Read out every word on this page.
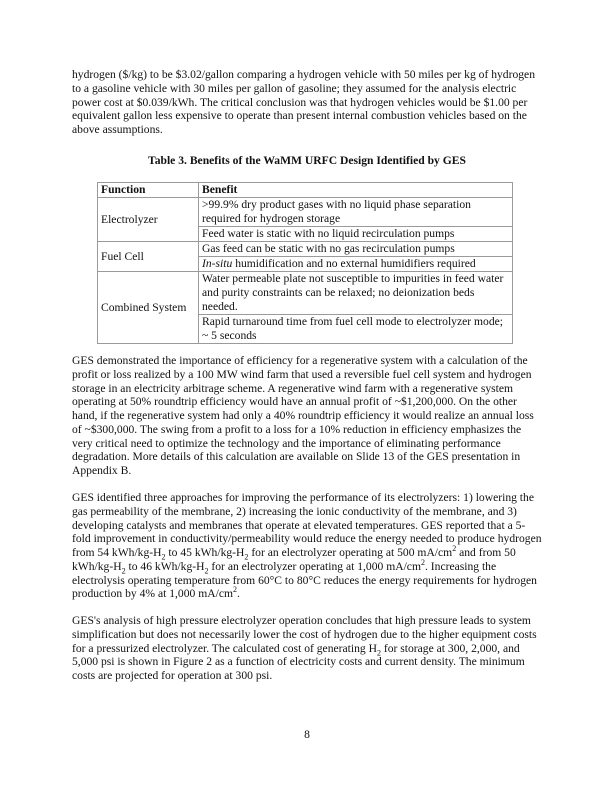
hydrogen ($/kg) to be $3.02/gallon comparing a hydrogen vehicle with 50 miles per kg of hydrogen to a gasoline vehicle with 30 miles per gallon of gasoline; they assumed for the analysis electric power cost at $0.039/kWh. The critical conclusion was that hydrogen vehicles would be $1.00 per equivalent gallon less expensive to operate than present internal combustion vehicles based on the above assumptions.

Table 3. Benefits of the WaMM URFC Design Identified by GES
Function	Benefit
Electrolyzer	>99.9% dry product gases with no liquid phase separation required for hydrogen storage
	Feed water is static with no liquid recirculation pumps
Fuel Cell	Gas feed can be static with no gas recirculation pumps
	In-situ humidification and no external humidifiers required
Combined System	Water permeable plate not susceptible to impurities in feed water and purity constraints can be relaxed; no deionization beds needed.
	Rapid turnaround time from fuel cell mode to electrolyzer mode; ~ 5 seconds

GES demonstrated the importance of efficiency for a regenerative system with a calculation of the profit or loss realized by a 100 MW wind farm that used a reversible fuel cell system and hydrogen storage in an electricity arbitrage scheme. A regenerative wind farm with a regenerative system operating at 50% roundtrip efficiency would have an annual profit of ~$1,200,000. On the other hand, if the regenerative system had only a 40% roundtrip efficiency it would realize an annual loss of ~$300,000. The swing from a profit to a loss for a 10% reduction in efficiency emphasizes the very critical need to optimize the technology and the importance of eliminating performance degradation. More details of this calculation are available on Slide 13 of the GES presentation in Appendix B.

GES identified three approaches for improving the performance of its electrolyzers: 1) lowering the gas permeability of the membrane, 2) increasing the ionic conductivity of the membrane, and 3) developing catalysts and membranes that operate at elevated temperatures. GES reported that a 5-fold improvement in conductivity/permeability would reduce the energy needed to produce hydrogen from 54 kWh/$kg-H_2$ to 45 kWh/$kg-H_2$ for an electrolyzer operating at 500 $mA/cm^2$ and from 50 kWh/$kg-H_2$ to 46 kWh/$kg-H_2$ for an electrolyzer operating at 1,000 $mA/cm^2$. Increasing the electrolysis operating temperature from 60°C to 80°C reduces the energy requirements for hydrogen production by 4% at 1,000 $mA/cm^2$.

GES's analysis of high pressure electrolyzer operation concludes that high pressure leads to system simplification but does not necessarily lower the cost of hydrogen due to the higher equipment costs for a pressurized electrolyzer. The calculated cost of generating $H_2$ for storage at 300, 2,000, and 5,000 psi is shown in Figure 2 as a function of electricity costs and current density. The minimum costs are projected for operation at 300 psi.

8
